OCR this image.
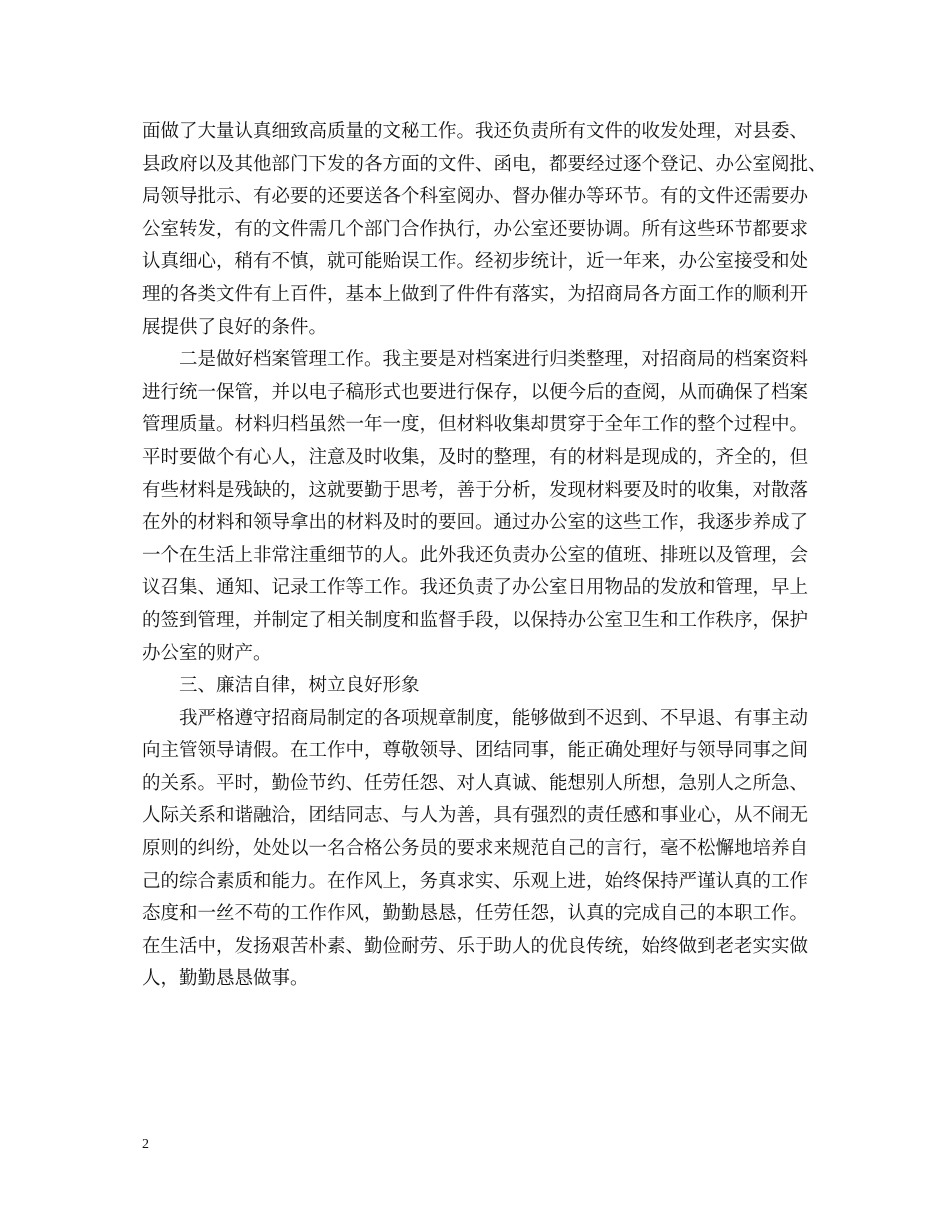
面做了大量认真细致高质量的文秘工作。我还负责所有文件的收发处理，对县委、
县政府以及其他部门下发的各方面的文件、函电，都要经过逐个登记、办公室阅批、
局领导批示、有必要的还要送各个科室阅办、督办催办等环节。有的文件还需要办
公室转发，有的文件需几个部门合作执行，办公室还要协调。所有这些环节都要求
认真细心，稍有不慎，就可能贻误工作。经初步统计，近一年来，办公室接受和处
理的各类文件有上百件，基本上做到了件件有落实，为招商局各方面工作的顺利开
展提供了良好的条件。
二是做好档案管理工作。我主要是对档案进行归类整理，对招商局的档案资料
进行统一保管，并以电子稿形式也要进行保存，以便今后的查阅，从而确保了档案
管理质量。材料归档虽然一年一度，但材料收集却贯穿于全年工作的整个过程中。
平时要做个有心人，注意及时收集，及时的整理，有的材料是现成的，齐全的，但
有些材料是残缺的，这就要勤于思考，善于分析，发现材料要及时的收集，对散落
在外的材料和领导拿出的材料及时的要回。通过办公室的这些工作，我逐步养成了
一个在生活上非常注重细节的人。此外我还负责办公室的值班、排班以及管理，会
议召集、通知、记录工作等工作。我还负责了办公室日用物品的发放和管理，早上
的签到管理，并制定了相关制度和监督手段，以保持办公室卫生和工作秩序，保护
办公室的财产。
三、廉洁自律，树立良好形象
我严格遵守招商局制定的各项规章制度，能够做到不迟到、不早退、有事主动
向主管领导请假。在工作中，尊敬领导、团结同事，能正确处理好与领导同事之间
的关系。平时，勤俭节约、任劳任怨、对人真诚、能想别人所想，急别人之所急、
人际关系和谐融洽，团结同志、与人为善，具有强烈的责任感和事业心，从不闹无
原则的纠纷，处处以一名合格公务员的要求来规范自己的言行，毫不松懈地培养自
己的综合素质和能力。在作风上，务真求实、乐观上进，始终保持严谨认真的工作
态度和一丝不苟的工作作风，勤勤恳恳，任劳任怨，认真的完成自己的本职工作。
在生活中，发扬艰苦朴素、勤俭耐劳、乐于助人的优良传统，始终做到老老实实做
人，勤勤恳恳做事。
2
